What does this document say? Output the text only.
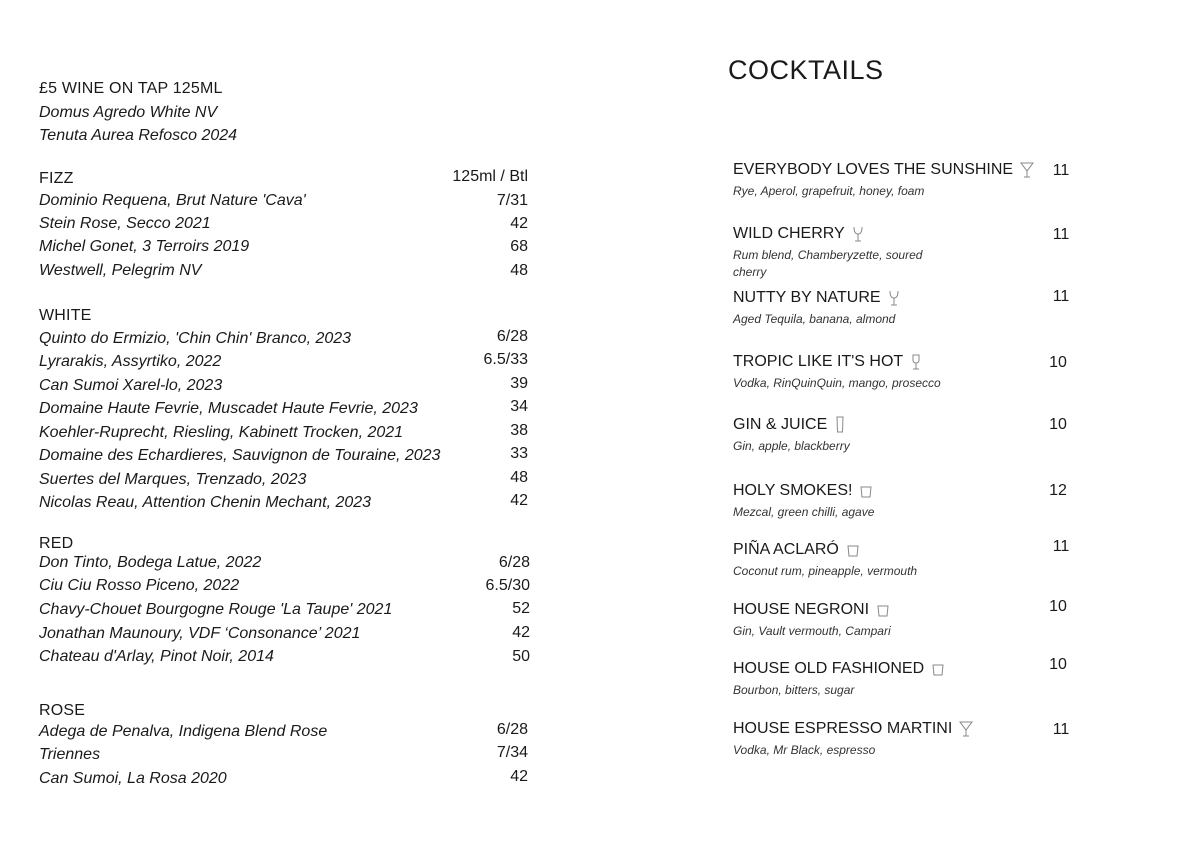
£5 WINE ON TAP 125ML
Domus Agredo White NV
Tenuta Aurea Refosco 2024
FIZZ	125ml / Btl
Dominio Requena, Brut Nature 'Cava'	7/31
Stein Rose, Secco 2021	42
Michel Gonet, 3 Terroirs 2019	68
Westwell, Pelegrim NV	48
WHITE
Quinto do Ermizio, 'Chin Chin' Branco, 2023	6/28
Lyrarakis, Assyrtiko, 2022	6.5/33
Can Sumoi Xarel-lo, 2023	39
Domaine Haute Fevrie, Muscadet Haute Fevrie, 2023	34
Koehler-Ruprecht, Riesling, Kabinett Trocken, 2021	38
Domaine des Echardieres, Sauvignon de Touraine, 2023	33
Suertes del Marques, Trenzado, 2023	48
Nicolas Reau, Attention Chenin Mechant, 2023	42
RED
Don Tinto, Bodega Latue, 2022	6/28
Ciu Ciu Rosso Piceno, 2022	6.5/30
Chavy-Chouet Bourgogne Rouge 'La Taupe' 2021	52
Jonathan Maunoury, VDF ‘Consonance’ 2021	42
Chateau d'Arlay, Pinot Noir, 2014	50
ROSE
Adega de Penalva, Indigena Blend Rose	6/28
Triennes	7/34
Can Sumoi, La Rosa 2020	42
COCKTAILS
EVERYBODY LOVES THE SUNSHINE
Rye, Aperol, grapefruit, honey, foam
11
WILD CHERRY
Rum blend, Chamberyzette, soured cherry
11
NUTTY BY NATURE
Aged Tequila, banana, almond
11
TROPIC LIKE IT'S HOT
Vodka, RinQuinQuin, mango, prosecco
10
GIN & JUICE
Gin, apple, blackberry
10
HOLY SMOKES!
Mezcal, green chilli, agave
12
PIÑA ACLARÓ
Coconut rum, pineapple, vermouth
11
HOUSE NEGRONI
Gin, Vault vermouth, Campari
10
HOUSE OLD FASHIONED
Bourbon, bitters, sugar
10
HOUSE ESPRESSO MARTINI
Vodka, Mr Black, espresso
11
